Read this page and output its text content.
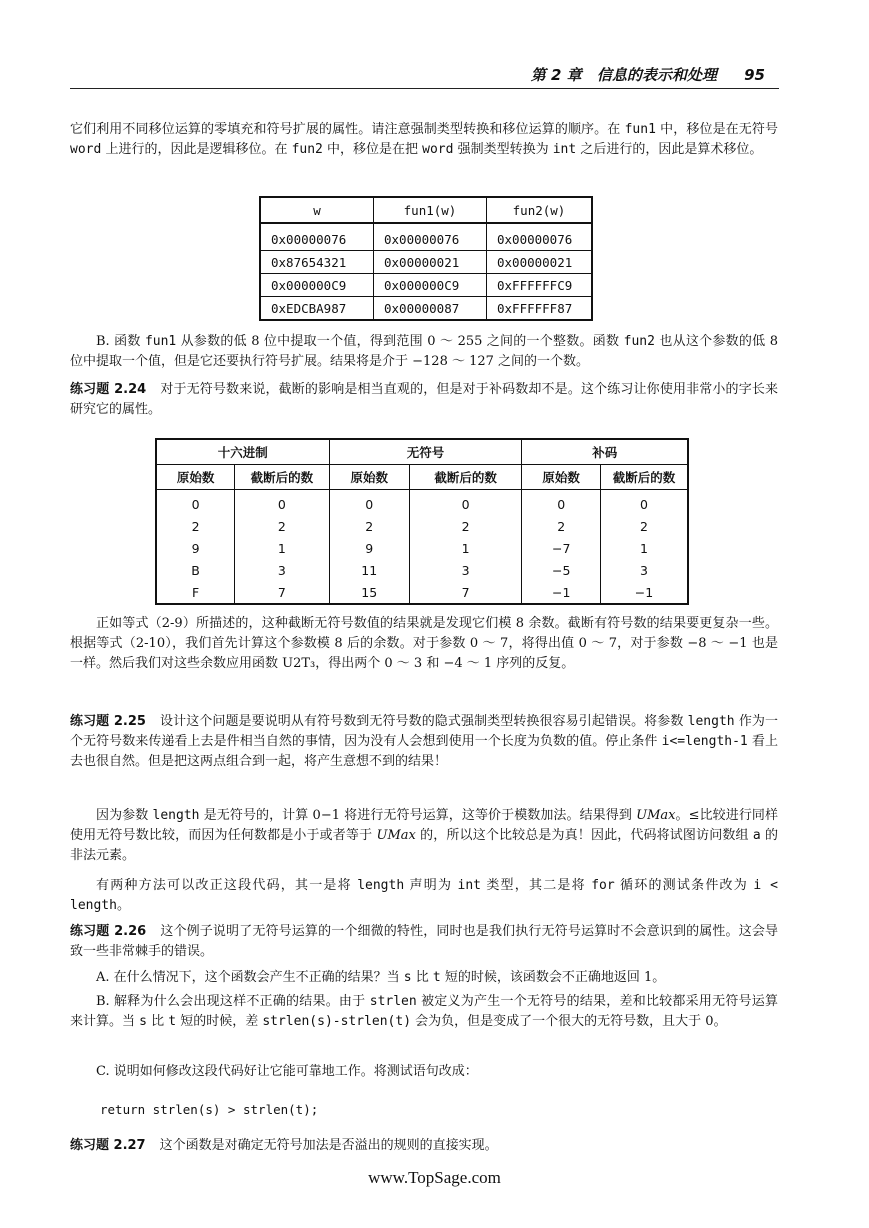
第 2 章 信息的表示和处理 95
它们利用不同移位运算的零填充和符号扩展的属性。请注意强制类型转换和移位运算的顺序。在 fun1 中，移位是在无符号 word 上进行的，因此是逻辑移位。在 fun2 中，移位是在把 word 强制类型转换为 int 之后进行的，因此是算术移位。
w	fun1(w)	fun2(w)
0x00000076	0x00000076	0x00000076
0x87654321	0x00000021	0x00000021
0x000000C9	0x000000C9	0xFFFFFFC9
0xEDCBA987	0x00000087	0xFFFFFF87
B. 函数 fun1 从参数的低 8 位中提取一个值，得到范围 0 ～ 255 之间的一个整数。函数 fun2 也从这个参数的低 8 位中提取一个值，但是它还要执行符号扩展。结果将是介于 −128 ～ 127 之间的一个数。
练习题 2.24 对于无符号数来说，截断的影响是相当直观的，但是对于补码数却不是。这个练习让你使用非常小的字长来研究它的属性。
十六进制		无符号		补码	
原始数	截断后的数	原始数	截断后的数	原始数	截断后的数
0	0	0	0	0	0
2	2	2	2	2	2
9	1	9	1	−7	1
B	3	11	3	−5	3
F	7	15	7	−1	−1
正如等式（2-9）所描述的，这种截断无符号数值的结果就是发现它们模 8 余数。截断有符号数的结果要更复杂一些。根据等式（2-10），我们首先计算这个参数模 8 后的余数。对于参数 0 ～ 7，将得出值 0 ～ 7，对于参数 −8 ～ −1 也是一样。然后我们对这些余数应用函数 U2T₃，得出两个 0 ～ 3 和 −4 ～ 1 序列的反复。
练习题 2.25 设计这个问题是要说明从有符号数到无符号数的隐式强制类型转换很容易引起错误。将参数 length 作为一个无符号数来传递看上去是件相当自然的事情，因为没有人会想到使用一个长度为负数的值。停止条件 i<=length-1 看上去也很自然。但是把这两点组合到一起，将产生意想不到的结果！
因为参数 length 是无符号的，计算 0−1 将进行无符号运算，这等价于模数加法。结果得到 UMax。≤比较进行同样使用无符号数比较，而因为任何数都是小于或者等于 UMax 的，所以这个比较总是为真！因此，代码将试图访问数组 a 的非法元素。
有两种方法可以改正这段代码，其一是将 length 声明为 int 类型，其二是将 for 循环的测试条件改为 i < length。
练习题 2.26 这个例子说明了无符号运算的一个细微的特性，同时也是我们执行无符号运算时不会意识到的属性。这会导致一些非常棘手的错误。
A. 在什么情况下，这个函数会产生不正确的结果？当 s 比 t 短的时候，该函数会不正确地返回 1。
B. 解释为什么会出现这样不正确的结果。由于 strlen 被定义为产生一个无符号的结果，差和比较都采用无符号运算来计算。当 s 比 t 短的时候，差 strlen(s)-strlen(t) 会为负，但是变成了一个很大的无符号数，且大于 0。
C. 说明如何修改这段代码好让它能可靠地工作。将测试语句改成：
return strlen(s) > strlen(t);
练习题 2.27 这个函数是对确定无符号加法是否溢出的规则的直接实现。
www.TopSage.com
